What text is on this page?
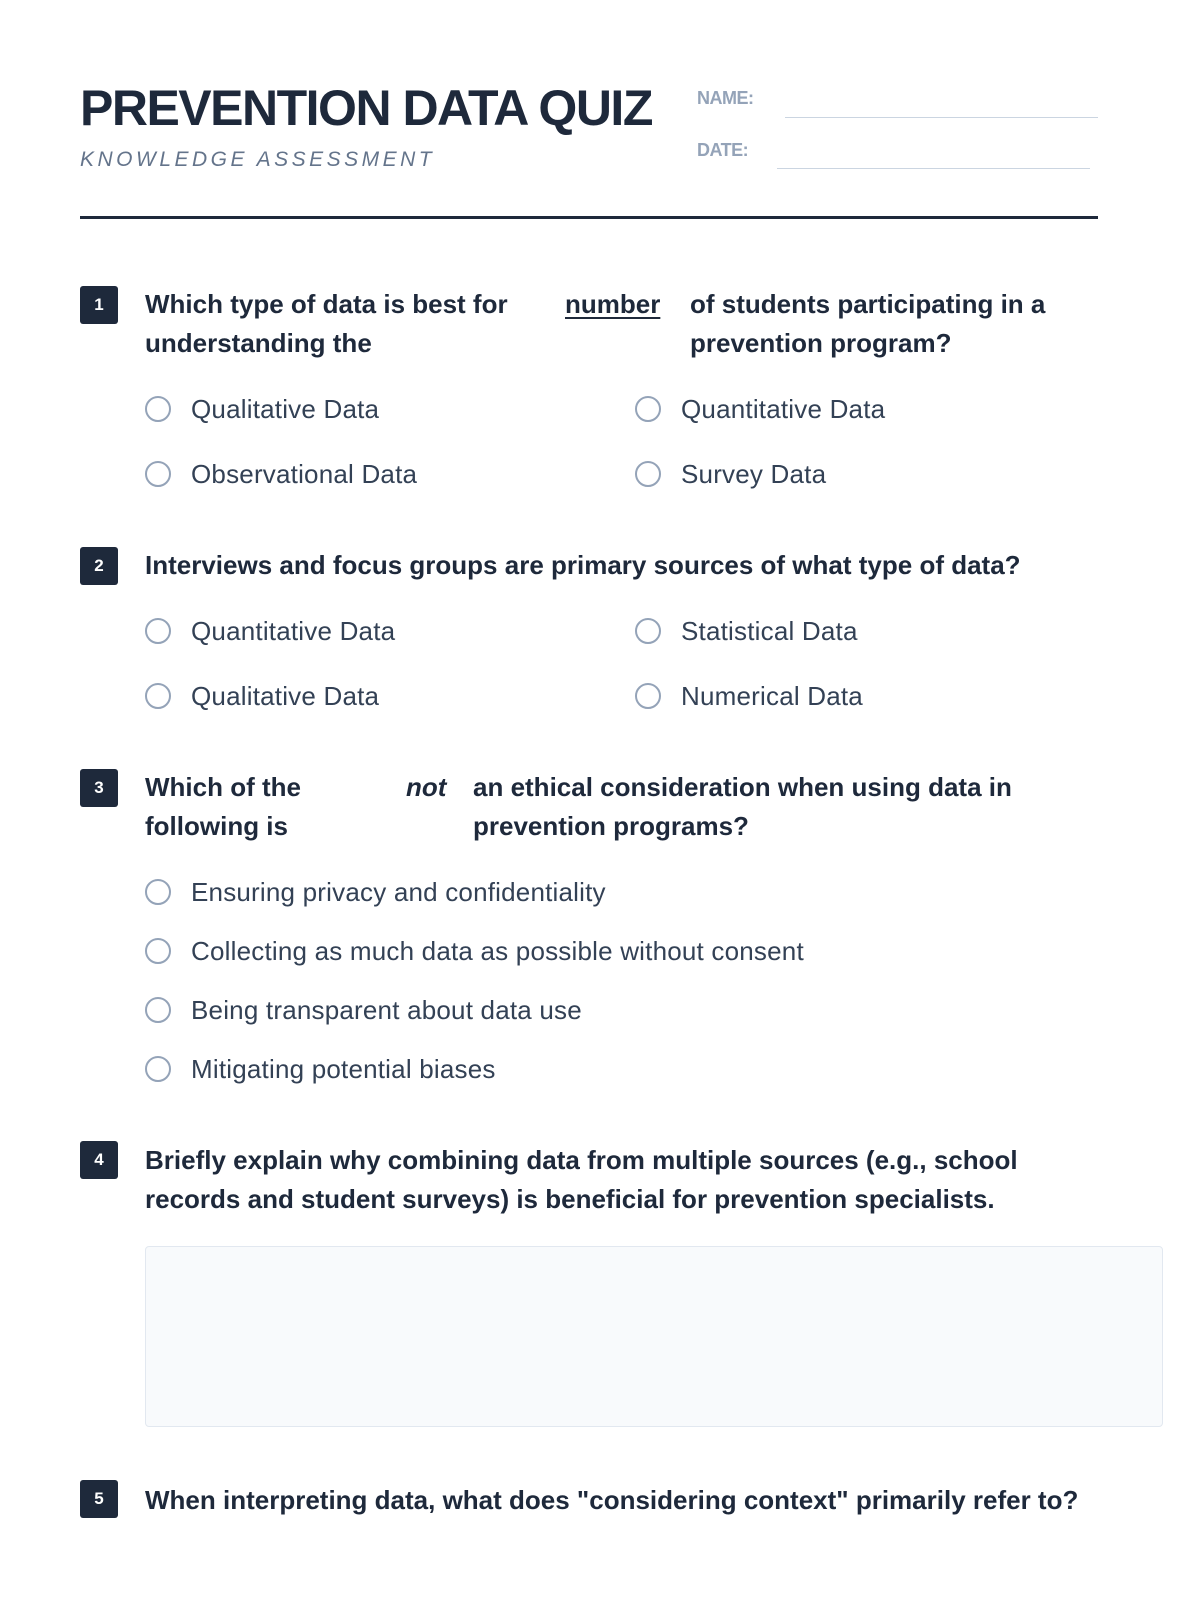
PREVENTION DATA QUIZ
KNOWLEDGE ASSESSMENT
NAME:
DATE:
1	Which type of data is best for understanding the
number of students participating in a prevention program?
Qualitative Data	Quantitative Data
Observational Data	Survey Data
2	Interviews and focus groups are primary sources of what type of data?
Quantitative Data	Statistical Data
Qualitative Data	Numerical Data
3	Which of the following is
not an ethical consideration when using data in prevention programs?
Ensuring privacy and confidentiality
Collecting as much data as possible without consent
Being transparent about data use
Mitigating potential biases
4	Briefly explain why combining data from multiple sources (e.g., school records and student surveys) is beneficial for prevention specialists.
5	When interpreting data, what does "considering context" primarily refer to?
